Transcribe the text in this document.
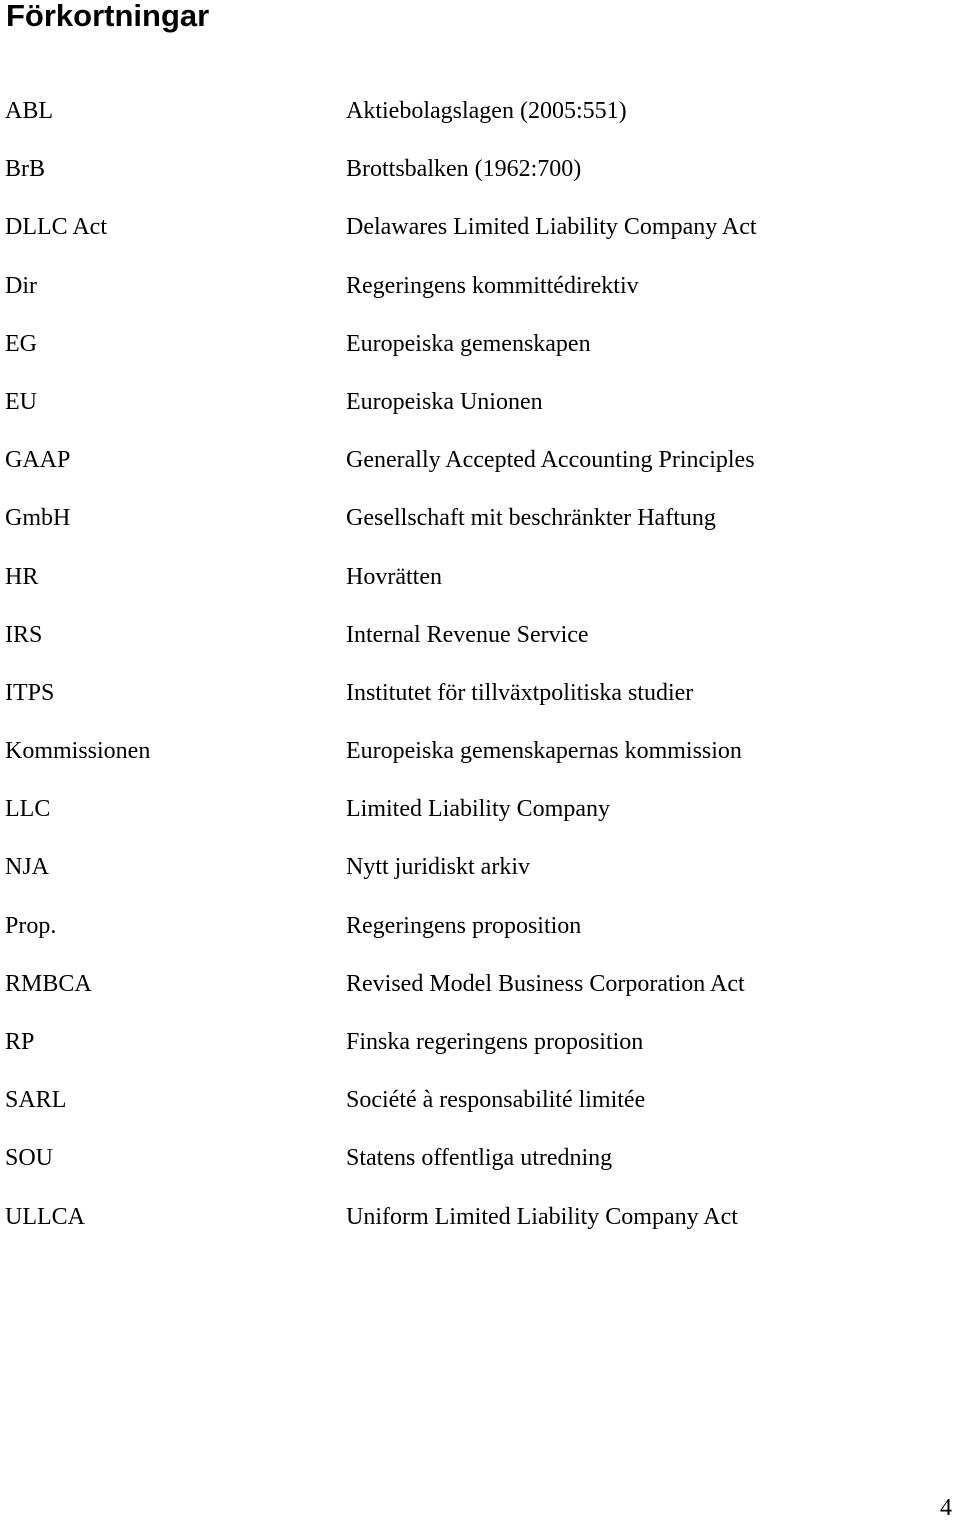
Förkortningar
ABL	Aktiebolagslagen (2005:551)
BrB	Brottsbalken (1962:700)
DLLC Act	Delawares Limited Liability Company Act
Dir	Regeringens kommittédirektiv
EG	Europeiska gemenskapen
EU	Europeiska Unionen
GAAP	Generally Accepted Accounting Principles
GmbH	Gesellschaft mit beschränkter Haftung
HR	Hovrätten
IRS	Internal Revenue Service
ITPS	Institutet för tillväxtpolitiska studier
Kommissionen	Europeiska gemenskapernas kommission
LLC	Limited Liability Company
NJA	Nytt juridiskt arkiv
Prop.	Regeringens proposition
RMBCA	Revised Model Business Corporation Act
RP	Finska regeringens proposition
SARL	Société à responsabilité limitée
SOU	Statens offentliga utredning
ULLCA	Uniform Limited Liability Company Act
4
